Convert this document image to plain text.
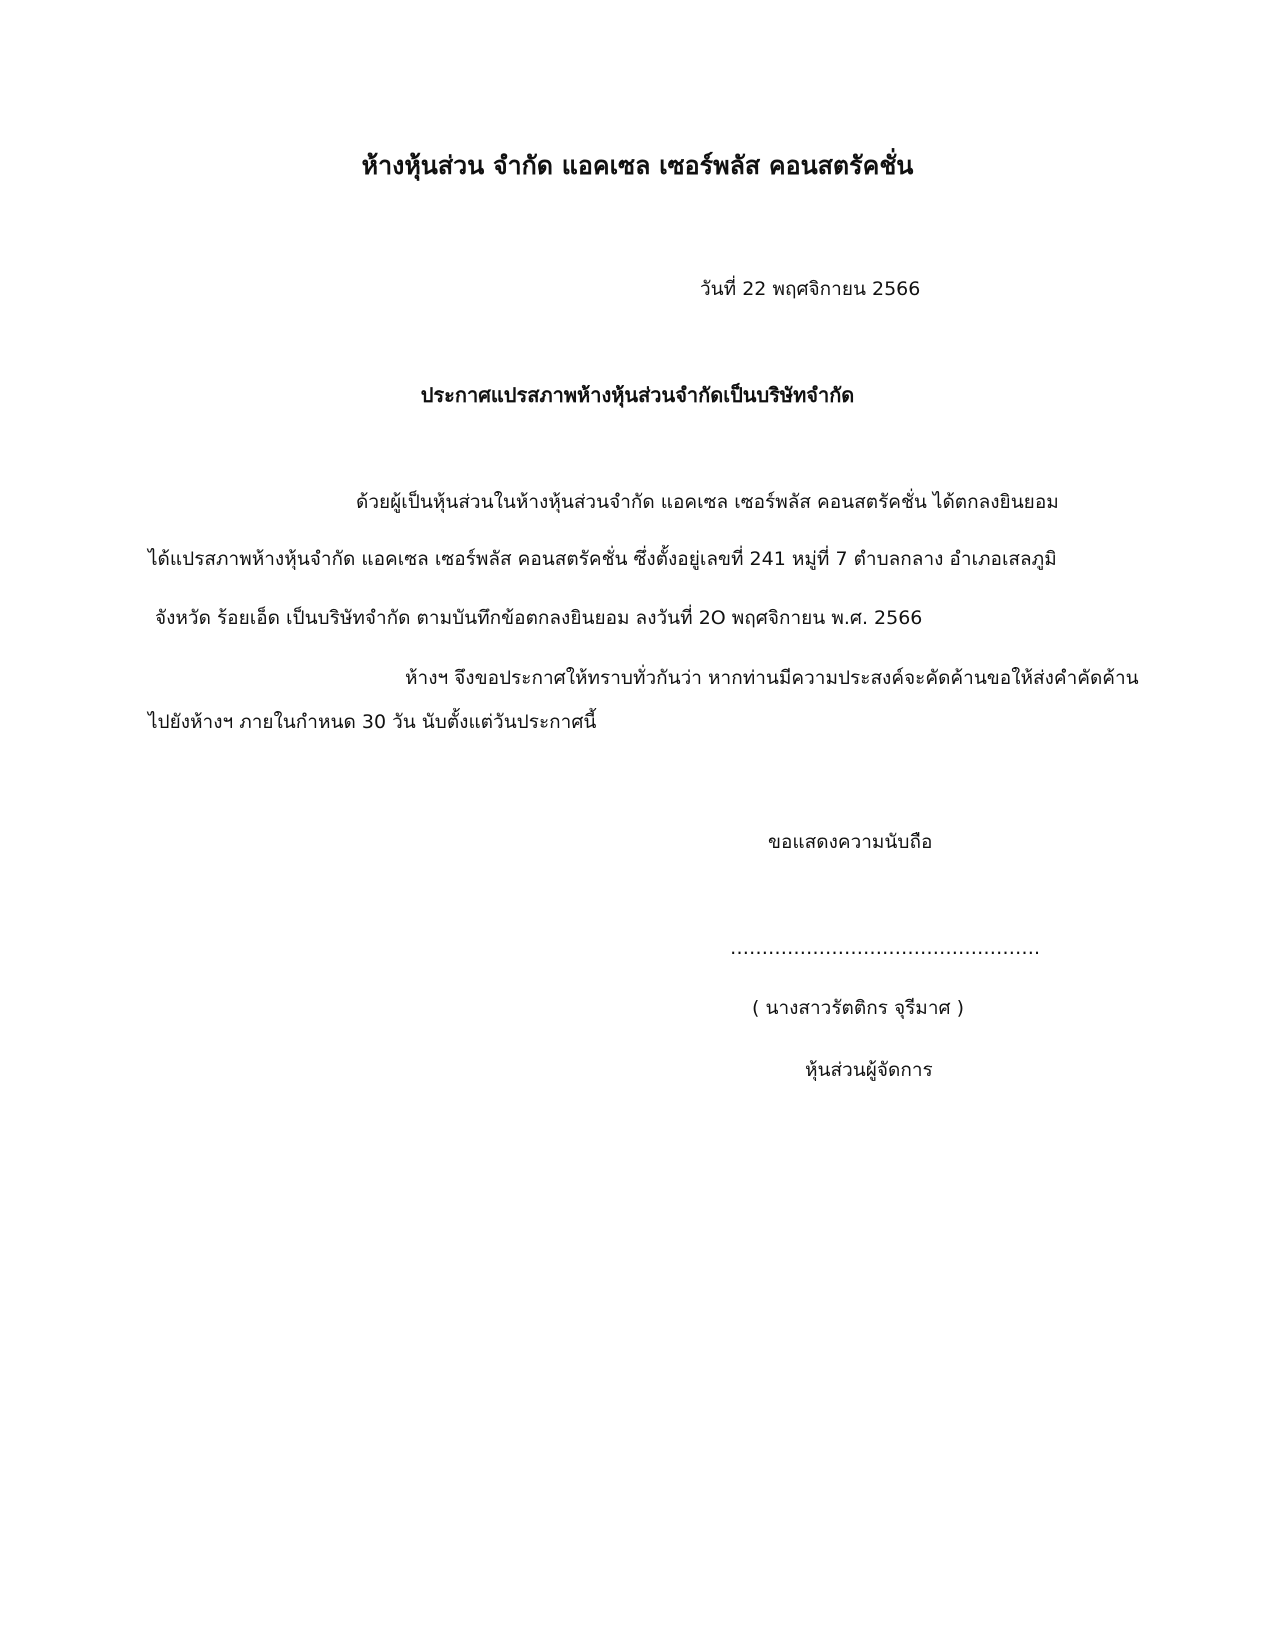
ห้างหุ้นส่วน จำกัด แอคเซล เซอร์พลัส คอนสตรัคชั่น
วันที่ 22 พฤศจิกายน 2566
ประกาศแปรสภาพห้างหุ้นส่วนจำกัดเป็นบริษัทจำกัด
ด้วยผู้เป็นหุ้นส่วนในห้างหุ้นส่วนจำกัด แอคเซล เซอร์พลัส คอนสตรัคชั่น ได้ตกลงยินยอม
ได้แปรสภาพห้างหุ้นจำกัด แอคเซล เซอร์พลัส คอนสตรัคชั่น ซึ่งตั้งอยู่เลขที่ 241 หมู่ที่ 7 ตำบลกลาง อำเภอเสลภูมิ
จังหวัด ร้อยเอ็ด เป็นบริษัทจำกัด ตามบันทึกข้อตกลงยินยอม ลงวันที่ 2O พฤศจิกายน พ.ศ. 2566
ห้างฯ จึงขอประกาศให้ทราบทั่วกันว่า หากท่านมีความประสงค์จะคัดค้านขอให้ส่งคำคัดค้าน
ไปยังห้างฯ ภายในกำหนด 30 วัน นับตั้งแต่วันประกาศนี้
ขอแสดงความนับถือ
………………………………………….
( นางสาวรัตติกร จุรีมาศ )
หุ้นส่วนผู้จัดการ
